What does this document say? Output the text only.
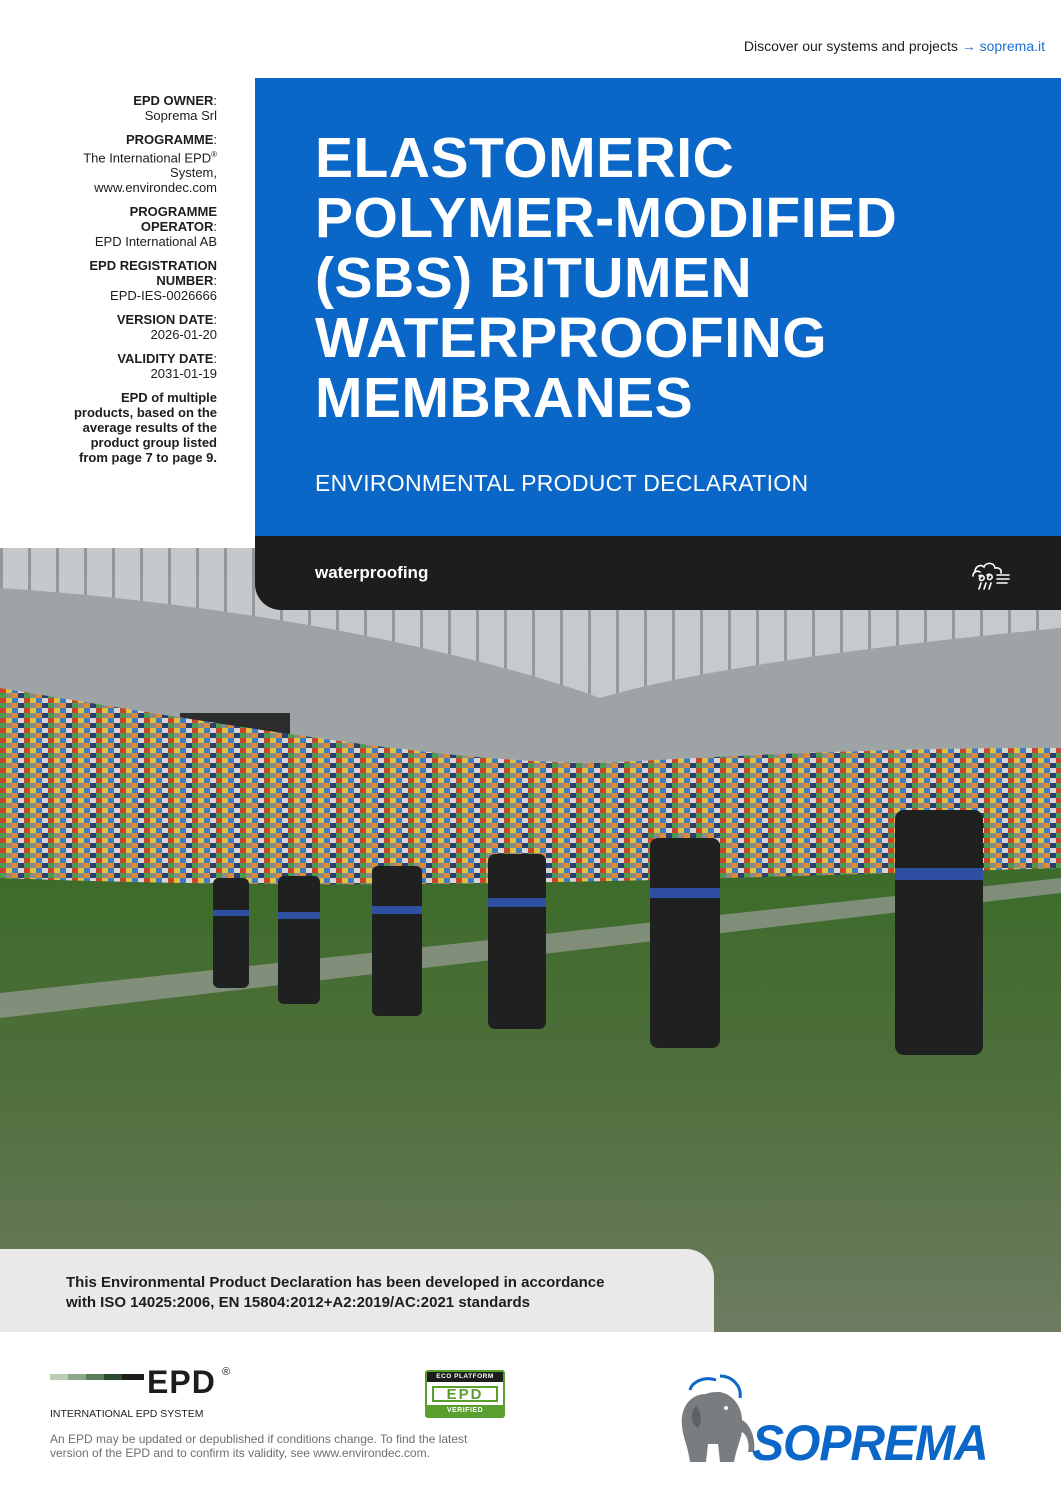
Discover our systems and projects → soprema.it
EPD OWNER:
Soprema Srl
PROGRAMME:
The International EPD®
System,
www.environdec.com
PROGRAMME
OPERATOR:
EPD International AB
EPD REGISTRATION
NUMBER:
EPD-IES-0026666
VERSION DATE:
2026-01-20
VALIDITY DATE:
2031-01-19
EPD of multiple
products, based on the
average results of the
product group listed
from page 7 to page 9.
ELASTOMERIC
POLYMER-MODIFIED
(SBS) BITUMEN
WATERPROOFING
MEMBRANES
ENVIRONMENTAL PRODUCT DECLARATION
waterproofing

This Environmental Product Declaration has been developed in accordance
with ISO 14025:2006, EN 15804:2012+A2:2019/AC:2021 standards

EPD ®
INTERNATIONAL EPD SYSTEM
An EPD may be updated or depublished if conditions change. To find the latest
version of the EPD and to confirm its validity, see www.environdec.com.
ECO PLATFORM
EPD
VERIFIED
SOPREMA
